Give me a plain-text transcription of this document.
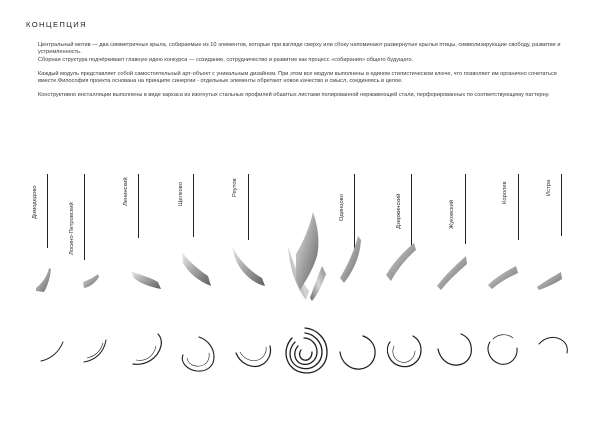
КОНЦЕПЦИЯ

Центральный мотив — два симметричных крыла, собираемые из 10 элементов, которые при взгляде сверху или сбоку напоминают развернутые крылья птицы, символизирующие свободу, развитие и устремленность.
Сборная структура подчёркивает главную идею конкурса — созидание, сотрудничество и развитие как процесс «собирания» общего будущего.

Каждый модуль представляет собой самостоятельный арт-объект с уникальным дизайном. При этом все модули выполнены в едином стилистическом ключе, что позволяет им органично сочетаться вместе.Философия проекта основана на принципе синергии - отдельные элементы обретают новое качество и смысл, соединяясь в целое.

Конструктивно инсталляции выполнены в виде каркаса из изогнутых стальных профилей обшитых листами полированной нержавеющей стали, перфорированных по соответствующему паттерну.

Домодедово
Лосино-Петровский
Ленинский	Щелково	Реутов
Одинцово	Дзержинский	Жуковский
Королев	Истра
